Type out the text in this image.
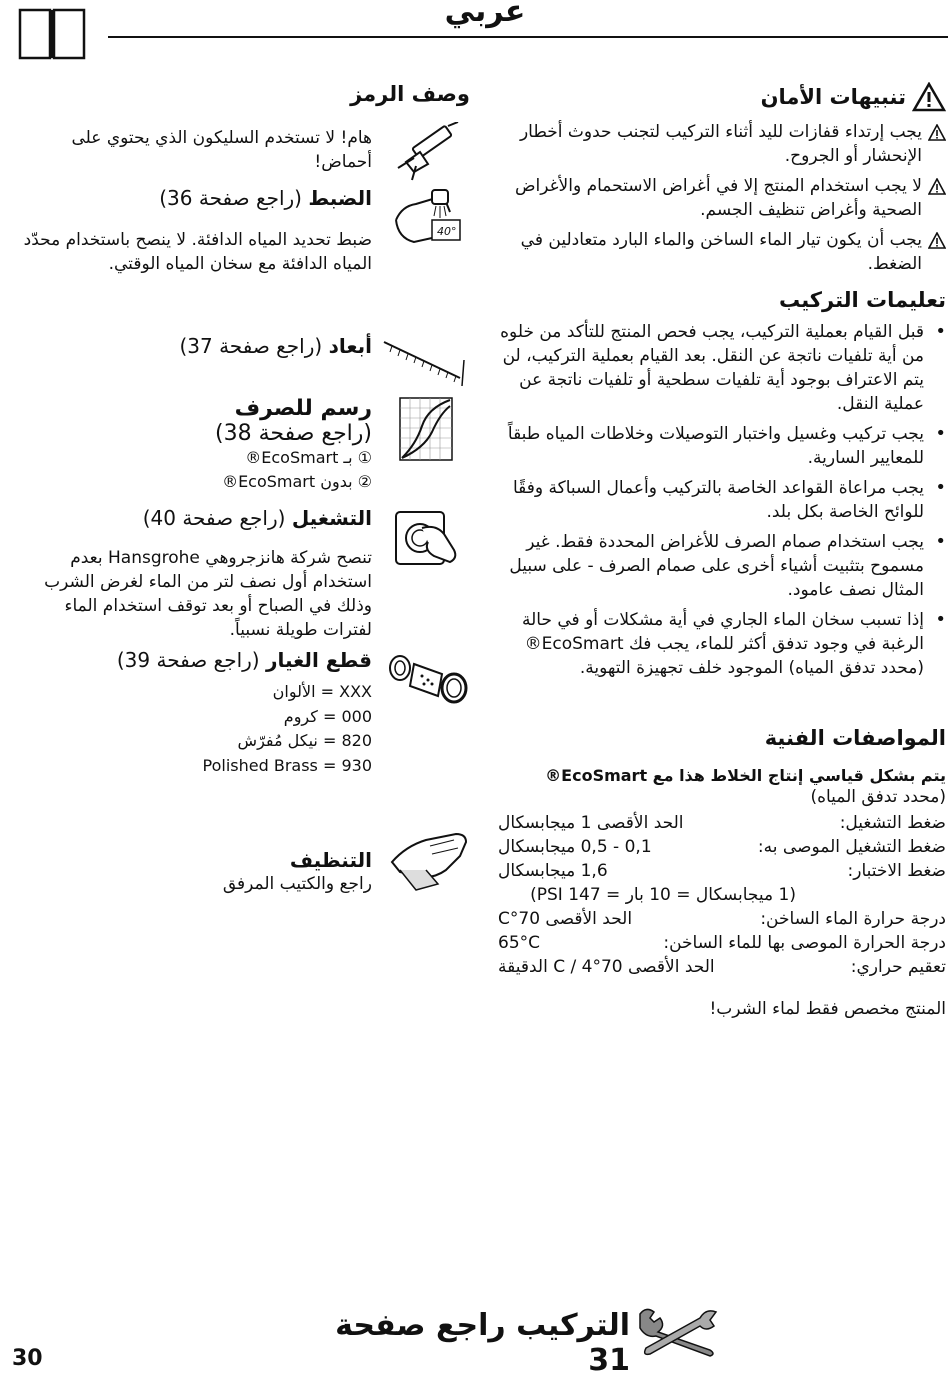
عربي
تنبيهات الأمان
يجب إرتداء قفازات لليد أثناء التركيب لتجنب حدوث أخطار الإنحشار أو الجروح.
لا يجب استخدام المنتج إلا في أغراض الاستحمام والأغراض الصحية وأغراض تنظيف الجسم.
يجب أن يكون تيار الماء الساخن والماء البارد متعادلين في الضغط.
تعليمات التركيب
•
قبل القيام بعملية التركيب، يجب فحص المنتج للتأكد من خلوه من أية تلفيات ناتجة عن النقل. بعد القيام بعملية التركيب، لن يتم الاعتراف بوجود أية تلفيات سطحية أو تلفيات ناتجة عن عملية النقل.
•
يجب تركيب وغسيل واختبار التوصيلات وخلاطات المياه طبقاً للمعايير السارية.
•
يجب مراعاة القواعد الخاصة بالتركيب وأعمال السباكة وفقًا للوائح الخاصة بكل بلد.
•
يجب استخدام صمام الصرف للأغراض المحددة فقط. غير مسموح بتثبيت أشياء أخرى على صمام الصرف - على سبيل المثال نصف عامود.
•
إذا تسبب سخان الماء الجاري في أية مشكلات أو في حالة الرغبة في وجود تدفق أكثر للماء، يجب فك EcoSmart® (محدد تدفق المياه) الموجود خلف تجهيزة التهوية.
المواصفات الفنية
يتم بشكل قياسي إنتاج الخلاط هذا مع EcoSmart®
(محدد تدفق المياه)
ضغط التشغيل:
الحد الأقصى 1 ميجابسكال
ضغط التشغيل الموصى به:
0,1 - 0,5 ميجابسكال
ضغط الاختبار:
1,6 ميجابسكال
(1 ميجابسكال = 10 بار = 147 PSI)
درجة حرارة الماء الساخن:
الحد الأقصى 70°C
درجة الحرارة الموصى بها للماء الساخن:
65°C
تعقيم حراري:
الحد الأقصى 70°C / 4 الدقيقة
المنتج مخصص فقط لماء الشرب!
وصف الرمز
هام! لا تستخدم السليكون الذي يحتوي على أحماض!
الضبط (راجع صفحة 36)
ضبط تحديد المياه الدافئة. لا ينصح باستخدام محدّد المياه الدافئة مع سخان المياه الوقتي.
40°
أبعاد (راجع صفحة 37)
رسم للصرف
(راجع صفحة 38)
① بـ EcoSmart®
② بدون EcoSmart®
التشغيل (راجع صفحة 40)
تنصح شركة هانزجروهي Hansgrohe بعدم استخدام أول نصف لتر من الماء لغرض الشرب وذلك في الصباح أو بعد توقف استخدام الماء لفترات طويلة نسبياً.
قطع الغيار (راجع صفحة 39)
XXX = الألوان
000 = كروم
820 = نيكل مُفرّش
Polished Brass = 930
التنظيف
راجع والكتيب المرفق
التركيب راجع صفحة 31
30
